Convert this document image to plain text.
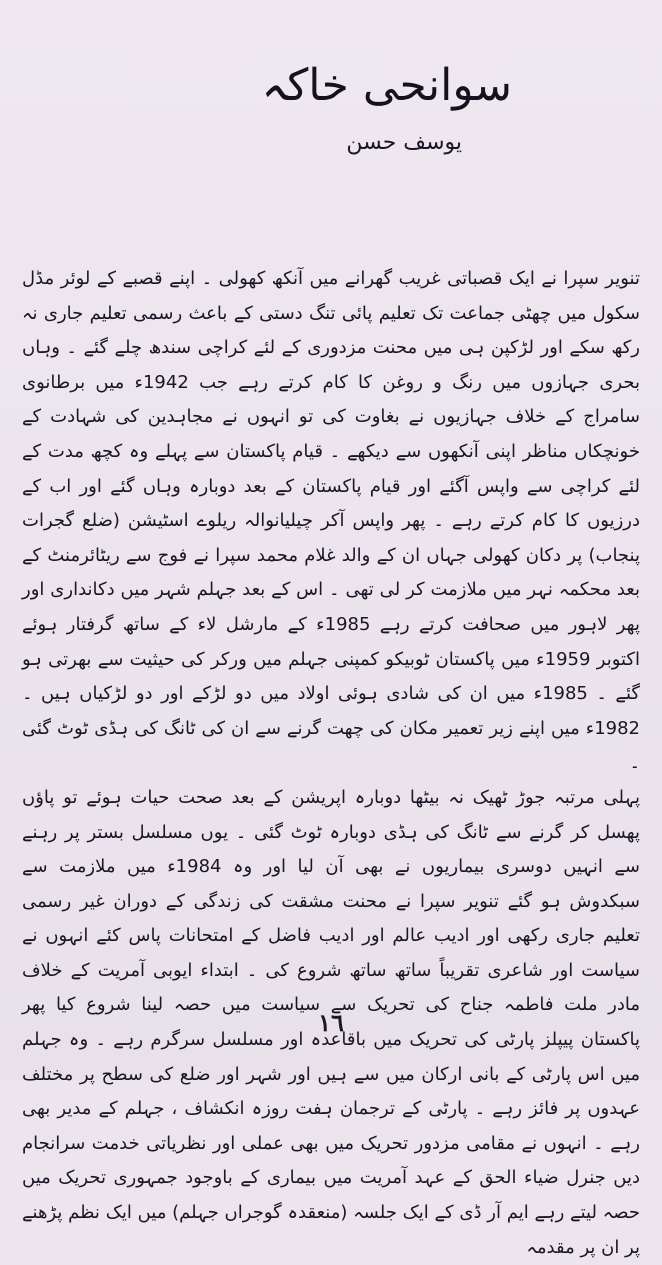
سوانحی خاکہ
یوسف حسن

تنویر سپرا نے ایک قصباتی غریب گھرانے میں آنکھ کھولی ۔ اپنے قصبے کے لوئر مڈل سکول میں چھٹی جماعت تک تعلیم پائی تنگ دستی کے باعث رسمی تعلیم جاری نہ رکھ سکے اور لڑکپن ہی میں محنت مزدوری کے لئے کراچی سندھ چلے گئے ۔ وہاں بحری جہازوں میں رنگ و روغن کا کام کرتے رہے جب 1942ء میں برطانوی سامراج کے خلاف جہازیوں نے بغاوت کی تو انہوں نے مجاہدین کی شہادت کے خونچکاں مناظر اپنی آنکھوں سے دیکھے ۔ قیام پاکستان سے پہلے وہ کچھ مدت کے لئے کراچی سے واپس آگئے اور قیام پاکستان کے بعد دوبارہ وہاں گئے اور اب کے درزیوں کا کام کرتے رہے ۔ پھر واپس آکر چیلیانوالہ ریلوے اسٹیشن (ضلع گجرات پنجاب) پر دکان کھولی جہاں ان کے والد غلام محمد سپرا نے فوج سے ریٹائرمنٹ کے بعد محکمہ نہر میں ملازمت کر لی تھی ۔ اس کے بعد جہلم شہر میں دکانداری اور پھر لاہور میں صحافت کرتے رہے 1985ء کے مارشل لاء کے ساتھ گرفتار ہوئے اکتوبر 1959ء میں پاکستان ٹوبیکو کمپنی جہلم میں ورکر کی حیثیت سے بھرتی ہو گئے ۔ 1985ء میں ان کی شادی ہوئی اولاد میں دو لڑکے اور دو لڑکیاں ہیں ۔ 1982ء میں اپنے زیر تعمیر مکان کی چھت گرنے سے ان کی ٹانگ کی ہڈی ٹوٹ گئی ۔

پہلی مرتبہ جوڑ ٹھیک نہ بیٹھا دوبارہ اپریشن کے بعد صحت حیات ہوئے تو پاؤں پھسل کر گرنے سے ٹانگ کی ہڈی دوبارہ ٹوٹ گئی ۔ یوں مسلسل بستر پر رہنے سے انہیں دوسری بیماریوں نے بھی آن لیا اور وہ 1984ء میں ملازمت سے سبکدوش ہو گئے تنویر سپرا نے محنت مشقت کی زندگی کے دوران غیر رسمی تعلیم جاری رکھی اور ادیب عالم اور ادیب فاضل کے امتحانات پاس کئے انہوں نے سیاست اور شاعری تقریباً ساتھ ساتھ شروع کی ۔ ابتداء ایوبی آمریت کے خلاف مادر ملت فاطمہ جناح کی تحریک سے سیاست میں حصہ لینا شروع کیا پھر پاکستان پیپلز پارٹی کی تحریک میں باقاعدہ اور مسلسل سرگرم رہے ۔ وہ جہلم میں اس پارٹی کے بانی ارکان میں سے ہیں اور شہر اور ضلع کی سطح پر مختلف عہدوں پر فائز رہے ۔ پارٹی کے ترجمان ہفت روزہ انکشاف ، جہلم کے مدیر بھی رہے ۔ انہوں نے مقامی مزدور تحریک میں بھی عملی اور نظریاتی خدمت سرانجام دیں جنرل ضیاء الحق کے عہد آمریت میں بیماری کے باوجود جمہوری تحریک میں حصہ لیتے رہے ایم آر ڈی کے ایک جلسہ (منعقدہ گوجراں جہلم) میں ایک نظم پڑھنے پر ان پر مقدمہ

١٦
